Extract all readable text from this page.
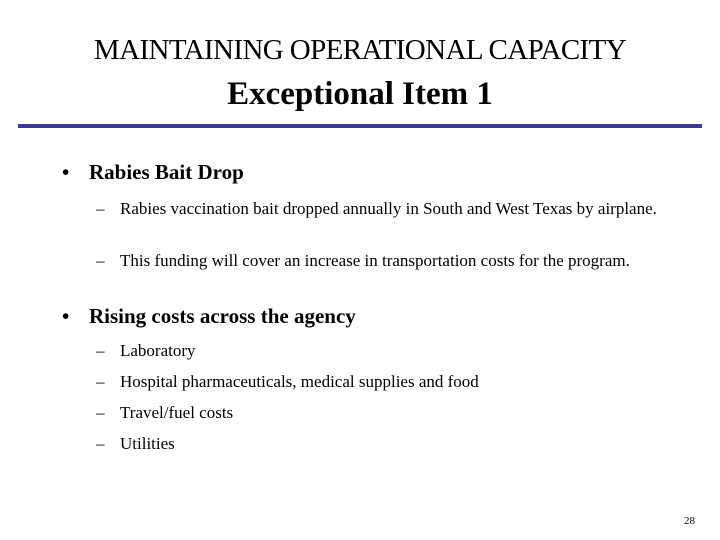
MAINTAINING OPERATIONAL CAPACITY
Exceptional Item 1
• Rabies Bait Drop
– Rabies vaccination bait dropped annually in South and West Texas by airplane.
– This funding will cover an increase in transportation costs for the program.
• Rising costs across the agency
– Laboratory
– Hospital pharmaceuticals, medical supplies and food
– Travel/fuel costs
– Utilities
28
